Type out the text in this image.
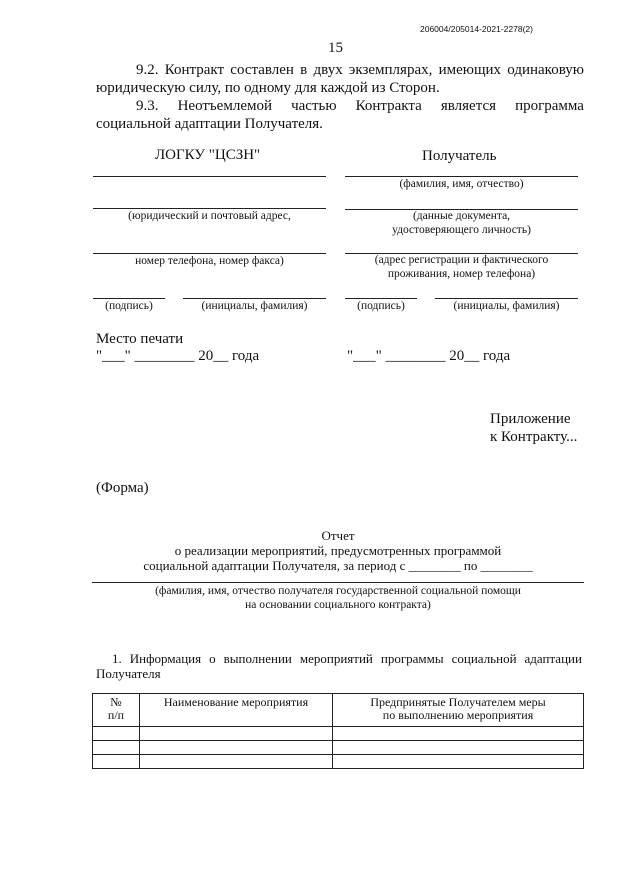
206004/205014-2021-2278(2)
15
9.2. Контракт составлен в двух экземплярах, имеющих одинаковую
юридическую силу, по одному для каждой из Сторон.
9.3. Неотъемлемой частью Контракта является программа
социальной адаптации Получателя.
ЛОГКУ "ЦСЗН"	Получатель
(фамилия, имя, отчество)
(юридический и почтовый адрес,	(данные документа,
удостоверяющего личность)
номер телефона, номер факса)	(адрес регистрации и фактического
проживания, номер телефона)
(подпись)	(инициалы, фамилия)	(подпись)	(инициалы, фамилия)
Место печати
"___" ________ 20__ года	"___" ________ 20__ года
Приложение
к Контракту...
(Форма)
Отчет
о реализации мероприятий, предусмотренных программой
социальной адаптации Получателя, за период с ________ по ________
(фамилия, имя, отчество получателя государственной социальной помощи
на основании социального контракта)
1. Информация о выполнении мероприятий программы социальной адаптации
Получателя
№
п/п	Наименование мероприятия	Предпринятые Получателем меры
по выполнению мероприятия
